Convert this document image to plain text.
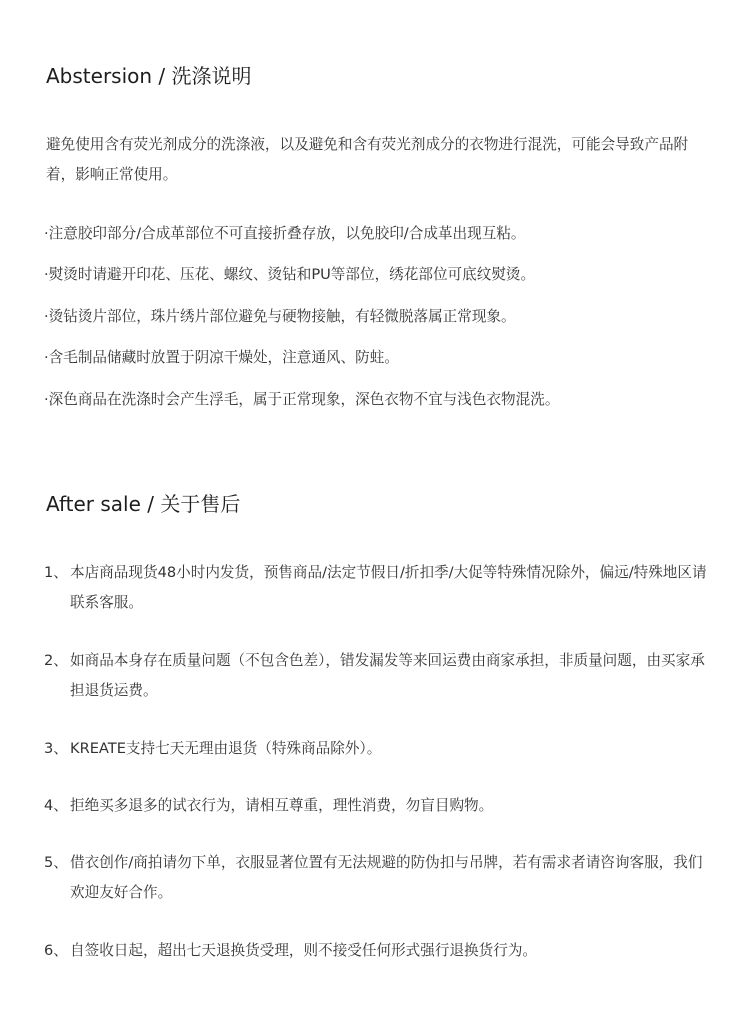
Abstersion / 洗涤说明

避免使用含有荧光剂成分的洗涤液，以及避免和含有荧光剂成分的衣物进行混洗，可能会导致产品附着，影响正常使用。

·注意胶印部分/合成革部位不可直接折叠存放，以免胶印/合成革出现互粘。
·熨烫时请避开印花、压花、螺纹、烫钻和PU等部位，绣花部位可底纹熨烫。
·烫钻烫片部位，珠片绣片部位避免与硬物接触，有轻微脱落属正常现象。
·含毛制品储藏时放置于阴凉干燥处，注意通风、防蛀。
·深色商品在洗涤时会产生浮毛，属于正常现象，深色衣物不宜与浅色衣物混洗。
After sale / 关于售后
1、 本店商品现货48小时内发货，预售商品/法定节假日/折扣季/大促等特殊情况除外，偏远/特殊地区请联系客服。
2、 如商品本身存在质量问题（不包含色差），错发漏发等来回运费由商家承担，非质量问题，由买家承担退货运费。
3、 KREATE支持七天无理由退货（特殊商品除外）。
4、 拒绝买多退多的试衣行为，请相互尊重，理性消费，勿盲目购物。
5、 借衣创作/商拍请勿下单，衣服显著位置有无法规避的防伪扣与吊牌，若有需求者请咨询客服，我们欢迎友好合作。
6、 自签收日起，超出七天退换货受理，则不接受任何形式强行退换货行为。
